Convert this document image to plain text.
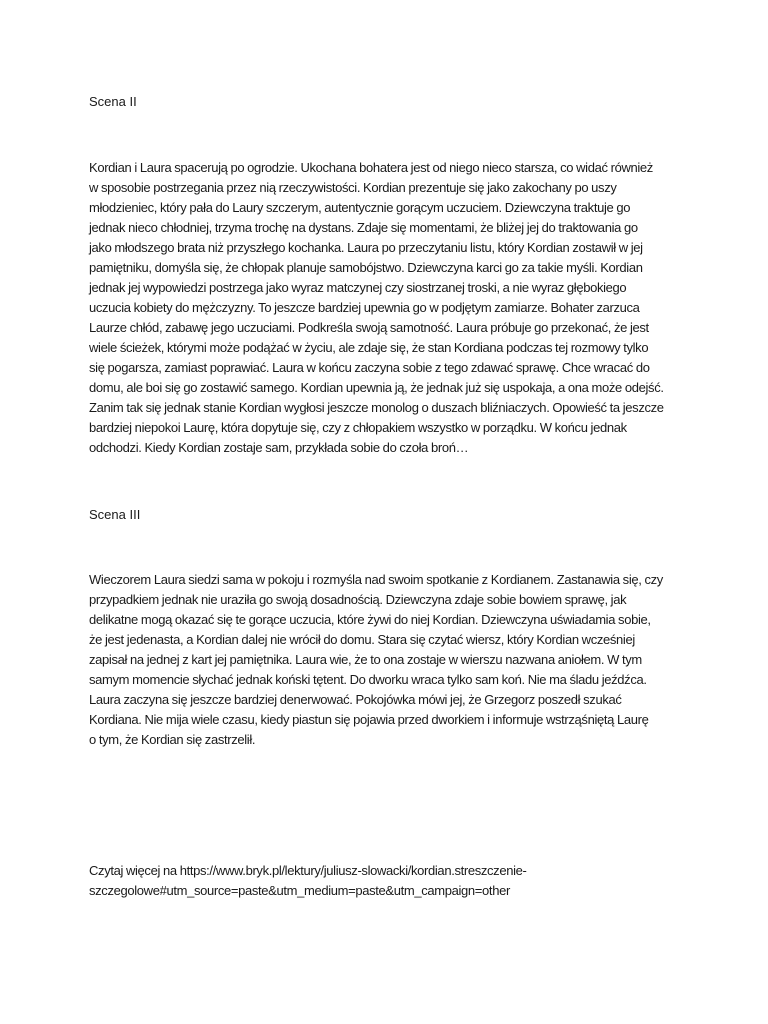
Scena II
Kordian i Laura spacerują po ogrodzie. Ukochana bohatera jest od niego nieco starsza, co widać również
w sposobie postrzegania przez nią rzeczywistości. Kordian prezentuje się jako zakochany po uszy
młodzieniec, który pała do Laury szczerym, autentycznie gorącym uczuciem. Dziewczyna traktuje go
jednak nieco chłodniej, trzyma trochę na dystans. Zdaje się momentami, że bliżej jej do traktowania go
jako młodszego brata niż przyszłego kochanka. Laura po przeczytaniu listu, który Kordian zostawił w jej
pamiętniku, domyśla się, że chłopak planuje samobójstwo. Dziewczyna karci go za takie myśli. Kordian
jednak jej wypowiedzi postrzega jako wyraz matczynej czy siostrzanej troski, a nie wyraz głębokiego
uczucia kobiety do mężczyzny. To jeszcze bardziej upewnia go w podjętym zamiarze. Bohater zarzuca
Laurze chłód, zabawę jego uczuciami. Podkreśla swoją samotność. Laura próbuje go przekonać, że jest
wiele ścieżek, którymi może podążać w życiu, ale zdaje się, że stan Kordiana podczas tej rozmowy tylko
się pogarsza, zamiast poprawiać. Laura w końcu zaczyna sobie z tego zdawać sprawę. Chce wracać do
domu, ale boi się go zostawić samego. Kordian upewnia ją, że jednak już się uspokaja, a ona może odejść.
Zanim tak się jednak stanie Kordian wygłosi jeszcze monolog o duszach bliźniaczych. Opowieść ta jeszcze
bardziej niepokoi Laurę, która dopytuje się, czy z chłopakiem wszystko w porządku. W końcu jednak
odchodzi. Kiedy Kordian zostaje sam, przykłada sobie do czoła broń…
Scena III
Wieczorem Laura siedzi sama w pokoju i rozmyśla nad swoim spotkanie z Kordianem. Zastanawia się, czy
przypadkiem jednak nie uraziła go swoją dosadnością. Dziewczyna zdaje sobie bowiem sprawę, jak
delikatne mogą okazać się te gorące uczucia, które żywi do niej Kordian. Dziewczyna uświadamia sobie,
że jest jedenasta, a Kordian dalej nie wrócił do domu. Stara się czytać wiersz, który Kordian wcześniej
zapisał na jednej z kart jej pamiętnika. Laura wie, że to ona zostaje w wierszu nazwana aniołem. W tym
samym momencie słychać jednak koński tętent. Do dworku wraca tylko sam koń. Nie ma śladu jeźdźca.
Laura zaczyna się jeszcze bardziej denerwować. Pokojówka mówi jej, że Grzegorz poszedł szukać
Kordiana. Nie mija wiele czasu, kiedy piastun się pojawia przed dworkiem i informuje wstrząśniętą Laurę
o tym, że Kordian się zastrzelił.
Czytaj więcej na https://www.bryk.pl/lektury/juliusz-slowacki/kordian.streszczenie-
szczegolowe#utm_source=paste&utm_medium=paste&utm_campaign=other
